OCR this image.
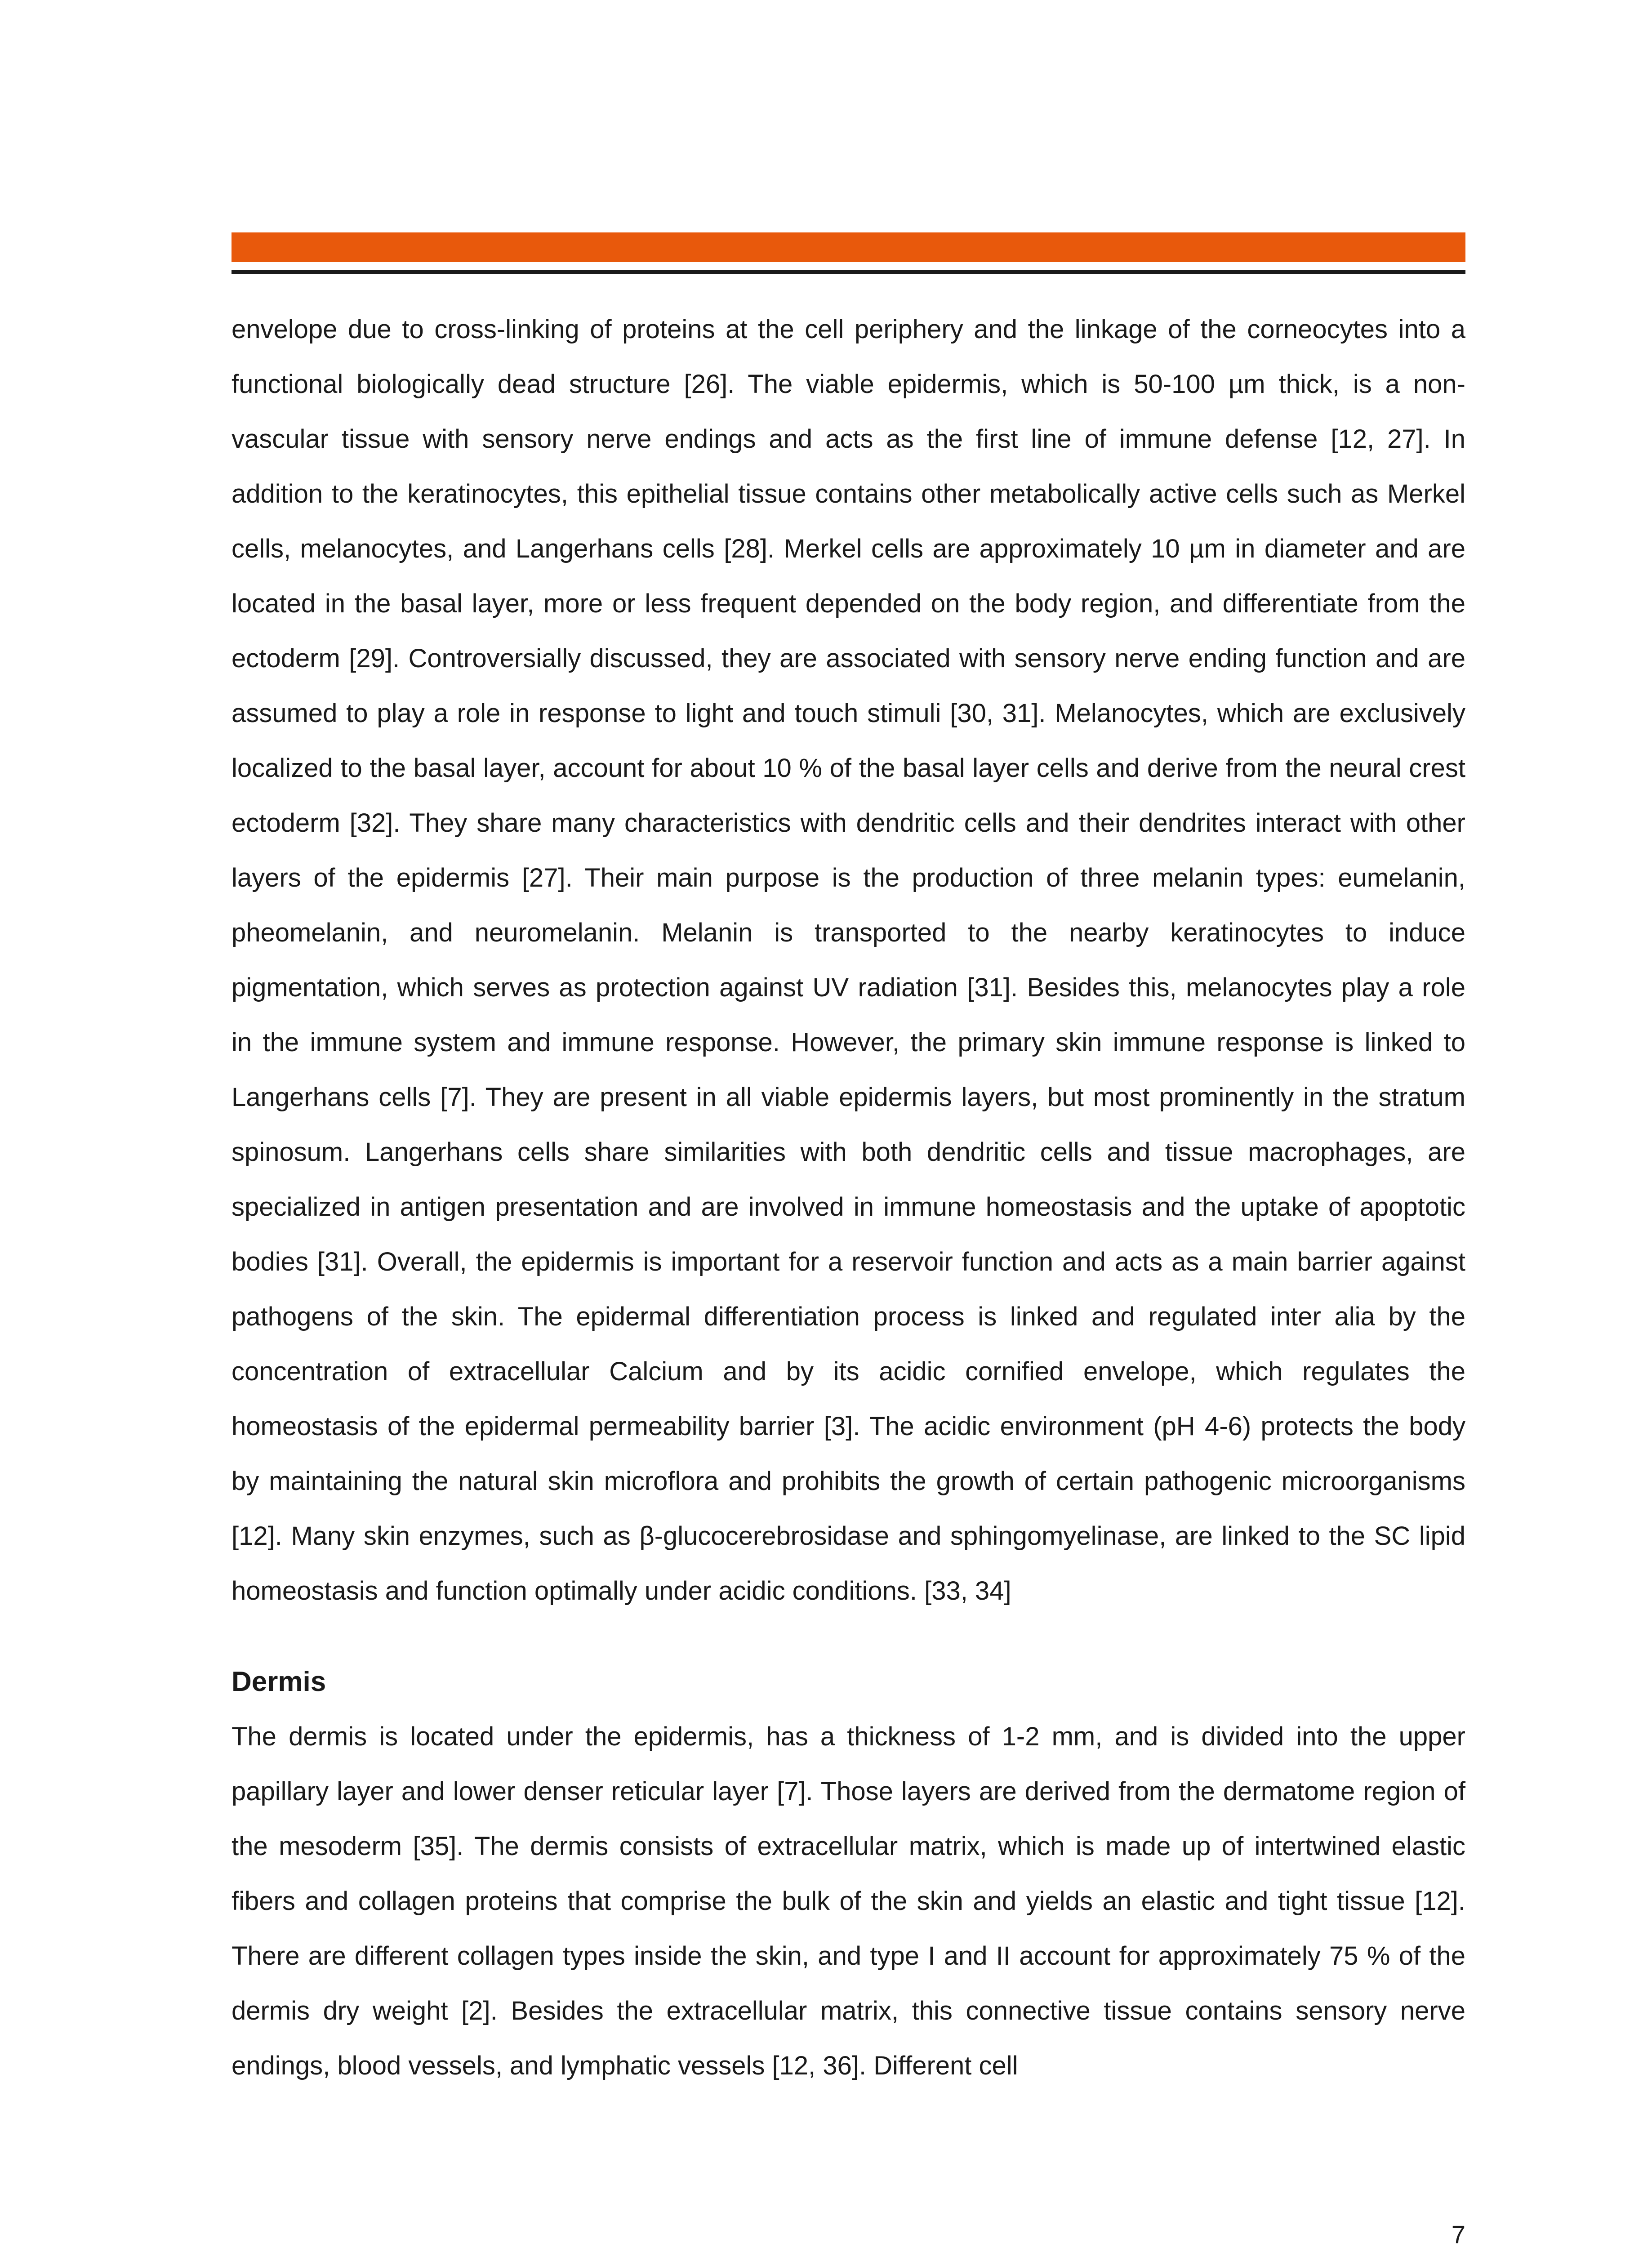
envelope due to cross-linking of proteins at the cell periphery and the linkage of the corneocytes into a functional biologically dead structure [26]. The viable epidermis, which is 50-100 µm thick, is a non-vascular tissue with sensory nerve endings and acts as the first line of immune defense [12, 27]. In addition to the keratinocytes, this epithelial tissue contains other metabolically active cells such as Merkel cells, melanocytes, and Langerhans cells [28]. Merkel cells are approximately 10 µm in diameter and are located in the basal layer, more or less frequent depended on the body region, and differentiate from the ectoderm [29]. Controversially discussed, they are associated with sensory nerve ending function and are assumed to play a role in response to light and touch stimuli [30, 31]. Melanocytes, which are exclusively localized to the basal layer, account for about 10 % of the basal layer cells and derive from the neural crest ectoderm [32]. They share many characteristics with dendritic cells and their dendrites interact with other layers of the epidermis [27]. Their main purpose is the production of three melanin types: eumelanin, pheomelanin, and neuromelanin. Melanin is transported to the nearby keratinocytes to induce pigmentation, which serves as protection against UV radiation [31]. Besides this, melanocytes play a role in the immune system and immune response. However, the primary skin immune response is linked to Langerhans cells [7]. They are present in all viable epidermis layers, but most prominently in the stratum spinosum. Langerhans cells share similarities with both dendritic cells and tissue macrophages, are specialized in antigen presentation and are involved in immune homeostasis and the uptake of apoptotic bodies [31]. Overall, the epidermis is important for a reservoir function and acts as a main barrier against pathogens of the skin. The epidermal differentiation process is linked and regulated inter alia by the concentration of extracellular Calcium and by its acidic cornified envelope, which regulates the homeostasis of the epidermal permeability barrier [3]. The acidic environment (pH 4-6) protects the body by maintaining the natural skin microflora and prohibits the growth of certain pathogenic microorganisms [12]. Many skin enzymes, such as β-glucocerebrosidase and sphingomyelinase, are linked to the SC lipid homeostasis and function optimally under acidic conditions. [33, 34]

Dermis

The dermis is located under the epidermis, has a thickness of 1-2 mm, and is divided into the upper papillary layer and lower denser reticular layer [7]. Those layers are derived from the dermatome region of the mesoderm [35]. The dermis consists of extracellular matrix, which is made up of intertwined elastic fibers and collagen proteins that comprise the bulk of the skin and yields an elastic and tight tissue [12]. There are different collagen types inside the skin, and type I and II account for approximately 75 % of the dermis dry weight [2]. Besides the extracellular matrix, this connective tissue contains sensory nerve endings, blood vessels, and lymphatic vessels [12, 36]. Different cell

7
